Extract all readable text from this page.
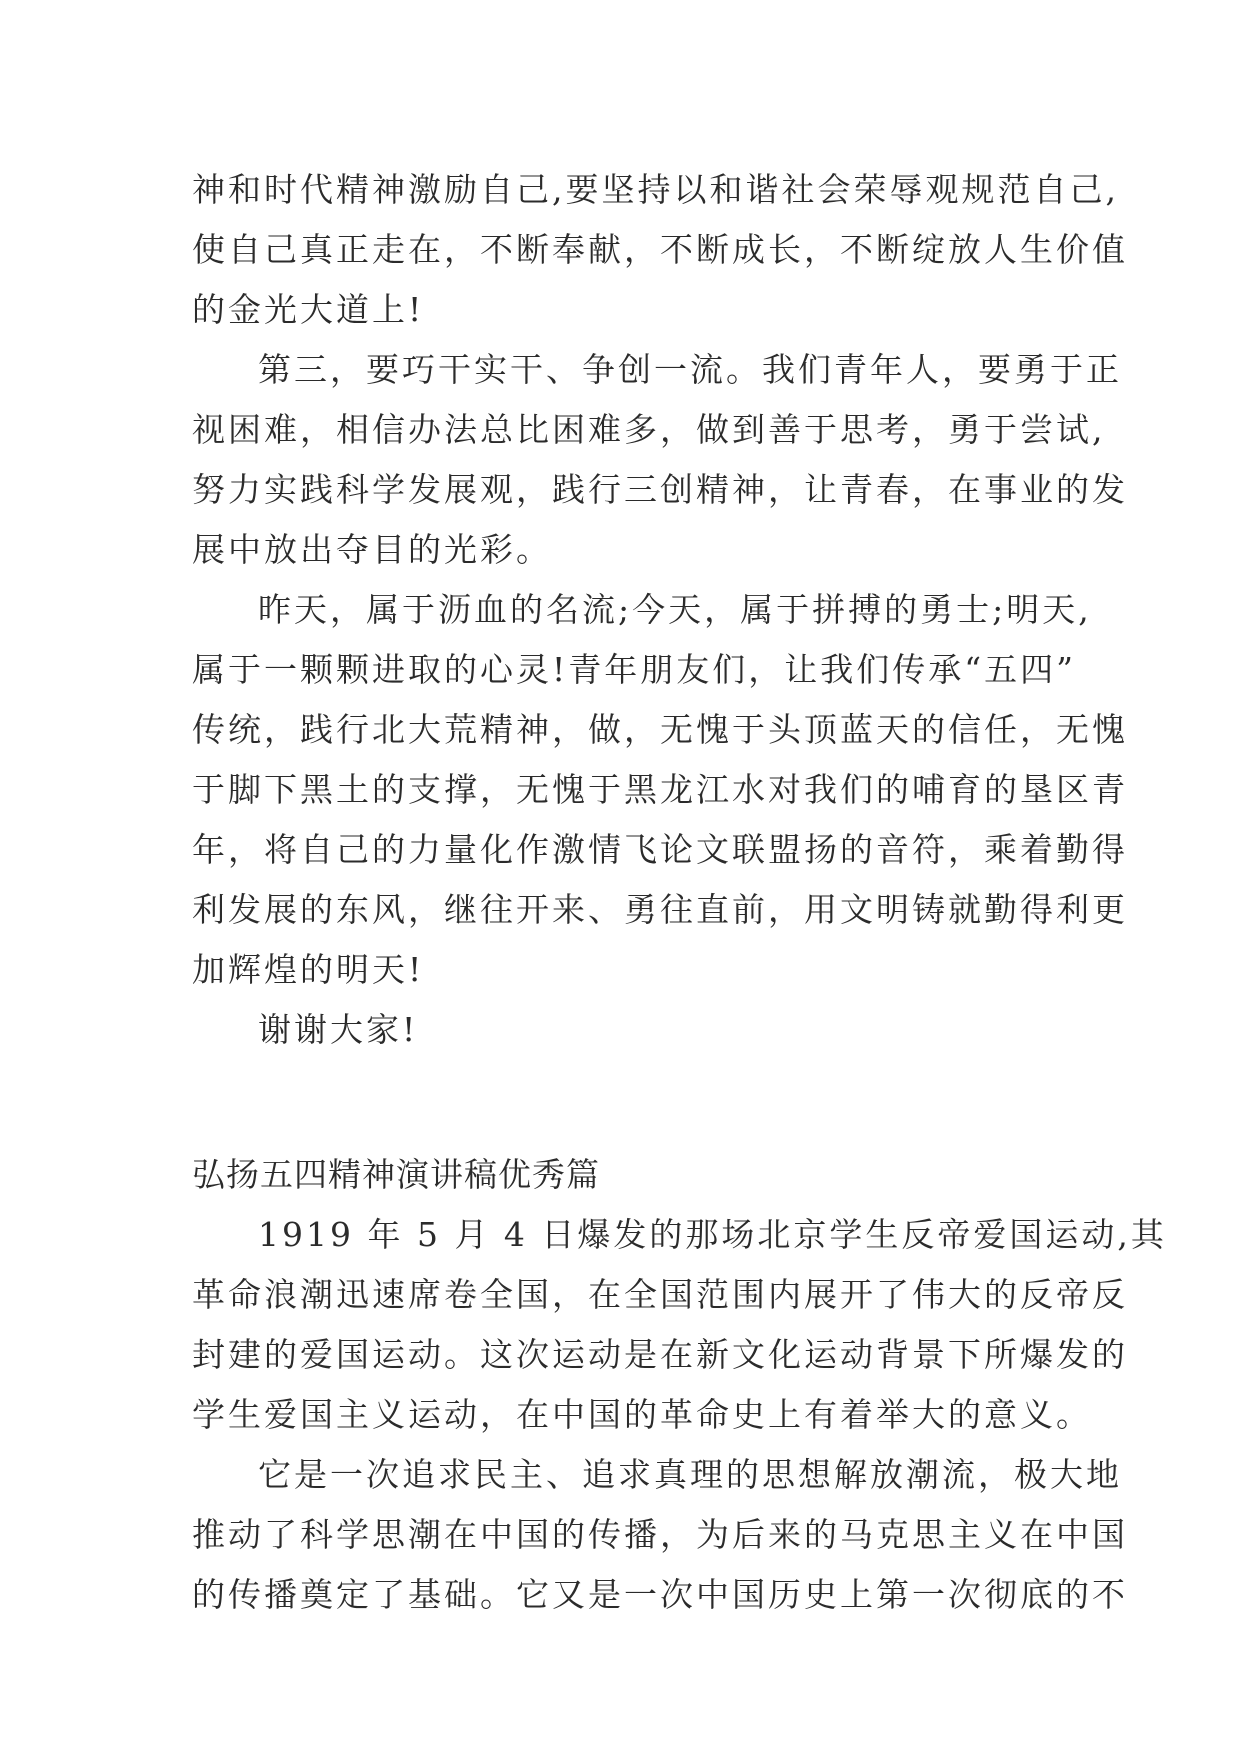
神和时代精神激励自己,要坚持以和谐社会荣辱观规范自己,
使自己真正走在，不断奉献，不断成长，不断绽放人生价值
的金光大道上!
第三，要巧干实干、争创一流。我们青年人，要勇于正
视困难，相信办法总比困难多，做到善于思考，勇于尝试,
努力实践科学发展观，践行三创精神，让青春，在事业的发
展中放出夺目的光彩。
昨天，属于沥血的名流;今天，属于拼搏的勇士;明天,
属于一颗颗进取的心灵!青年朋友们，让我们传承“五四”
传统，践行北大荒精神，做，无愧于头顶蓝天的信任，无愧
于脚下黑土的支撑，无愧于黑龙江水对我们的哺育的垦区青
年，将自己的力量化作激情飞论文联盟扬的音符，乘着勤得
利发展的东风，继往开来、勇往直前，用文明铸就勤得利更
加辉煌的明天!
谢谢大家!
弘扬五四精神演讲稿优秀篇
1919 年 5 月 4 日爆发的那场北京学生反帝爱国运动,其
革命浪潮迅速席卷全国，在全国范围内展开了伟大的反帝反
封建的爱国运动。这次运动是在新文化运动背景下所爆发的
学生爱国主义运动，在中国的革命史上有着举大的意义。
它是一次追求民主、追求真理的思想解放潮流，极大地
推动了科学思潮在中国的传播，为后来的马克思主义在中国
的传播奠定了基础。它又是一次中国历史上第一次彻底的不
